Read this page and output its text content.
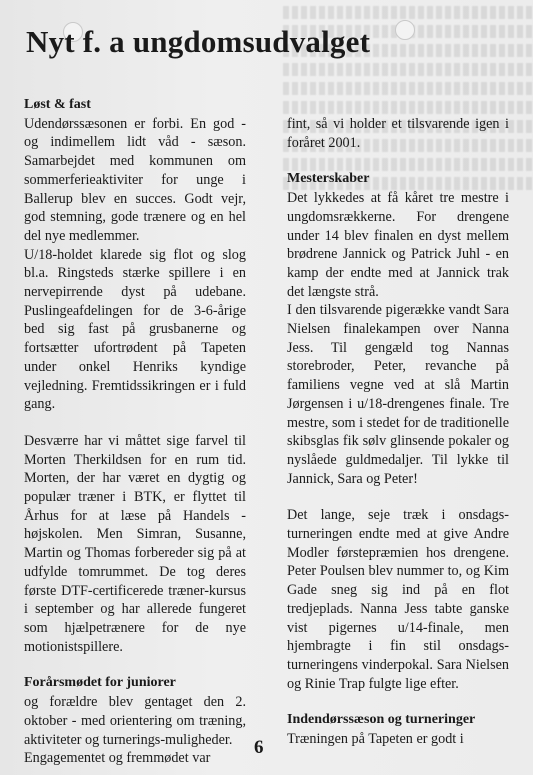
Nyt f. a ungdomsudvalget
Løst & fast

Udendørssæsonen er forbi. En god - og indimellem lidt våd - sæson. Samarbejdet med kommunen om sommerferieaktiviter for unge i Ballerup blev en succes. Godt vejr, god stemning, gode trænere og en hel del nye medlemmer.

U/18-holdet klarede sig flot og slog bl.a. Ringsteds stærke spillere i en nervepirrende dyst på udebane. Puslingeafdelingen for de 3-6-årige bed sig fast på grusbanerne og fortsætter ufortrødent på Tapeten under onkel Henriks kyndige vejledning. Fremtidssikringen er i fuld gang.

Desværre har vi måttet sige farvel til Morten Therkildsen for en rum tid. Morten, der har været en dygtig og populær træner i BTK, er flyttet til Århus for at læse på Handels - højskolen. Men Simran, Susanne, Martin og Thomas forbereder sig på at udfylde tomrummet. De tog deres første DTF-certificerede træner-kursus i september og har allerede fungeret som hjælpetrænere for de nye motionistspillere.

Forårsmødet for juniorer

og forældre blev gentaget den 2. oktober - med orientering om træning, aktiviteter og turnerings-muligheder.

Engagementet og fremmødet var

fint, så vi holder et tilsvarende igen i foråret 2001.

Mesterskaber

Det lykkedes at få kåret tre mestre i ungdomsrækkerne. For drengene under 14 blev finalen en dyst mellem brødrene Jannick og Patrick Juhl - en kamp der endte med at Jannick trak det længste strå.

I den tilsvarende pigerække vandt Sara Nielsen finalekampen over Nanna Jess. Til gengæld tog Nannas storebroder, Peter, revanche på familiens vegne ved at slå Martin Jørgensen i u/18-drengenes finale. Tre mestre, som i stedet for de traditionelle skibsglas fik sølv glinsende pokaler og nyslåede guldmedaljer. Til lykke til Jannick, Sara og Peter!

Det lange, seje træk i onsdags-turneringen endte med at give Andre Modler førstepræmien hos drengene. Peter Poulsen blev nummer to, og Kim Gade sneg sig ind på en flot tredjeplads. Nanna Jess tabte ganske vist pigernes u/14-finale, men hjembragte i fin stil onsdags-turneringens vinderpokal. Sara Nielsen og Rinie Trap fulgte lige efter.

Indendørssæson og turneringer

Træningen på Tapeten er godt i

6
